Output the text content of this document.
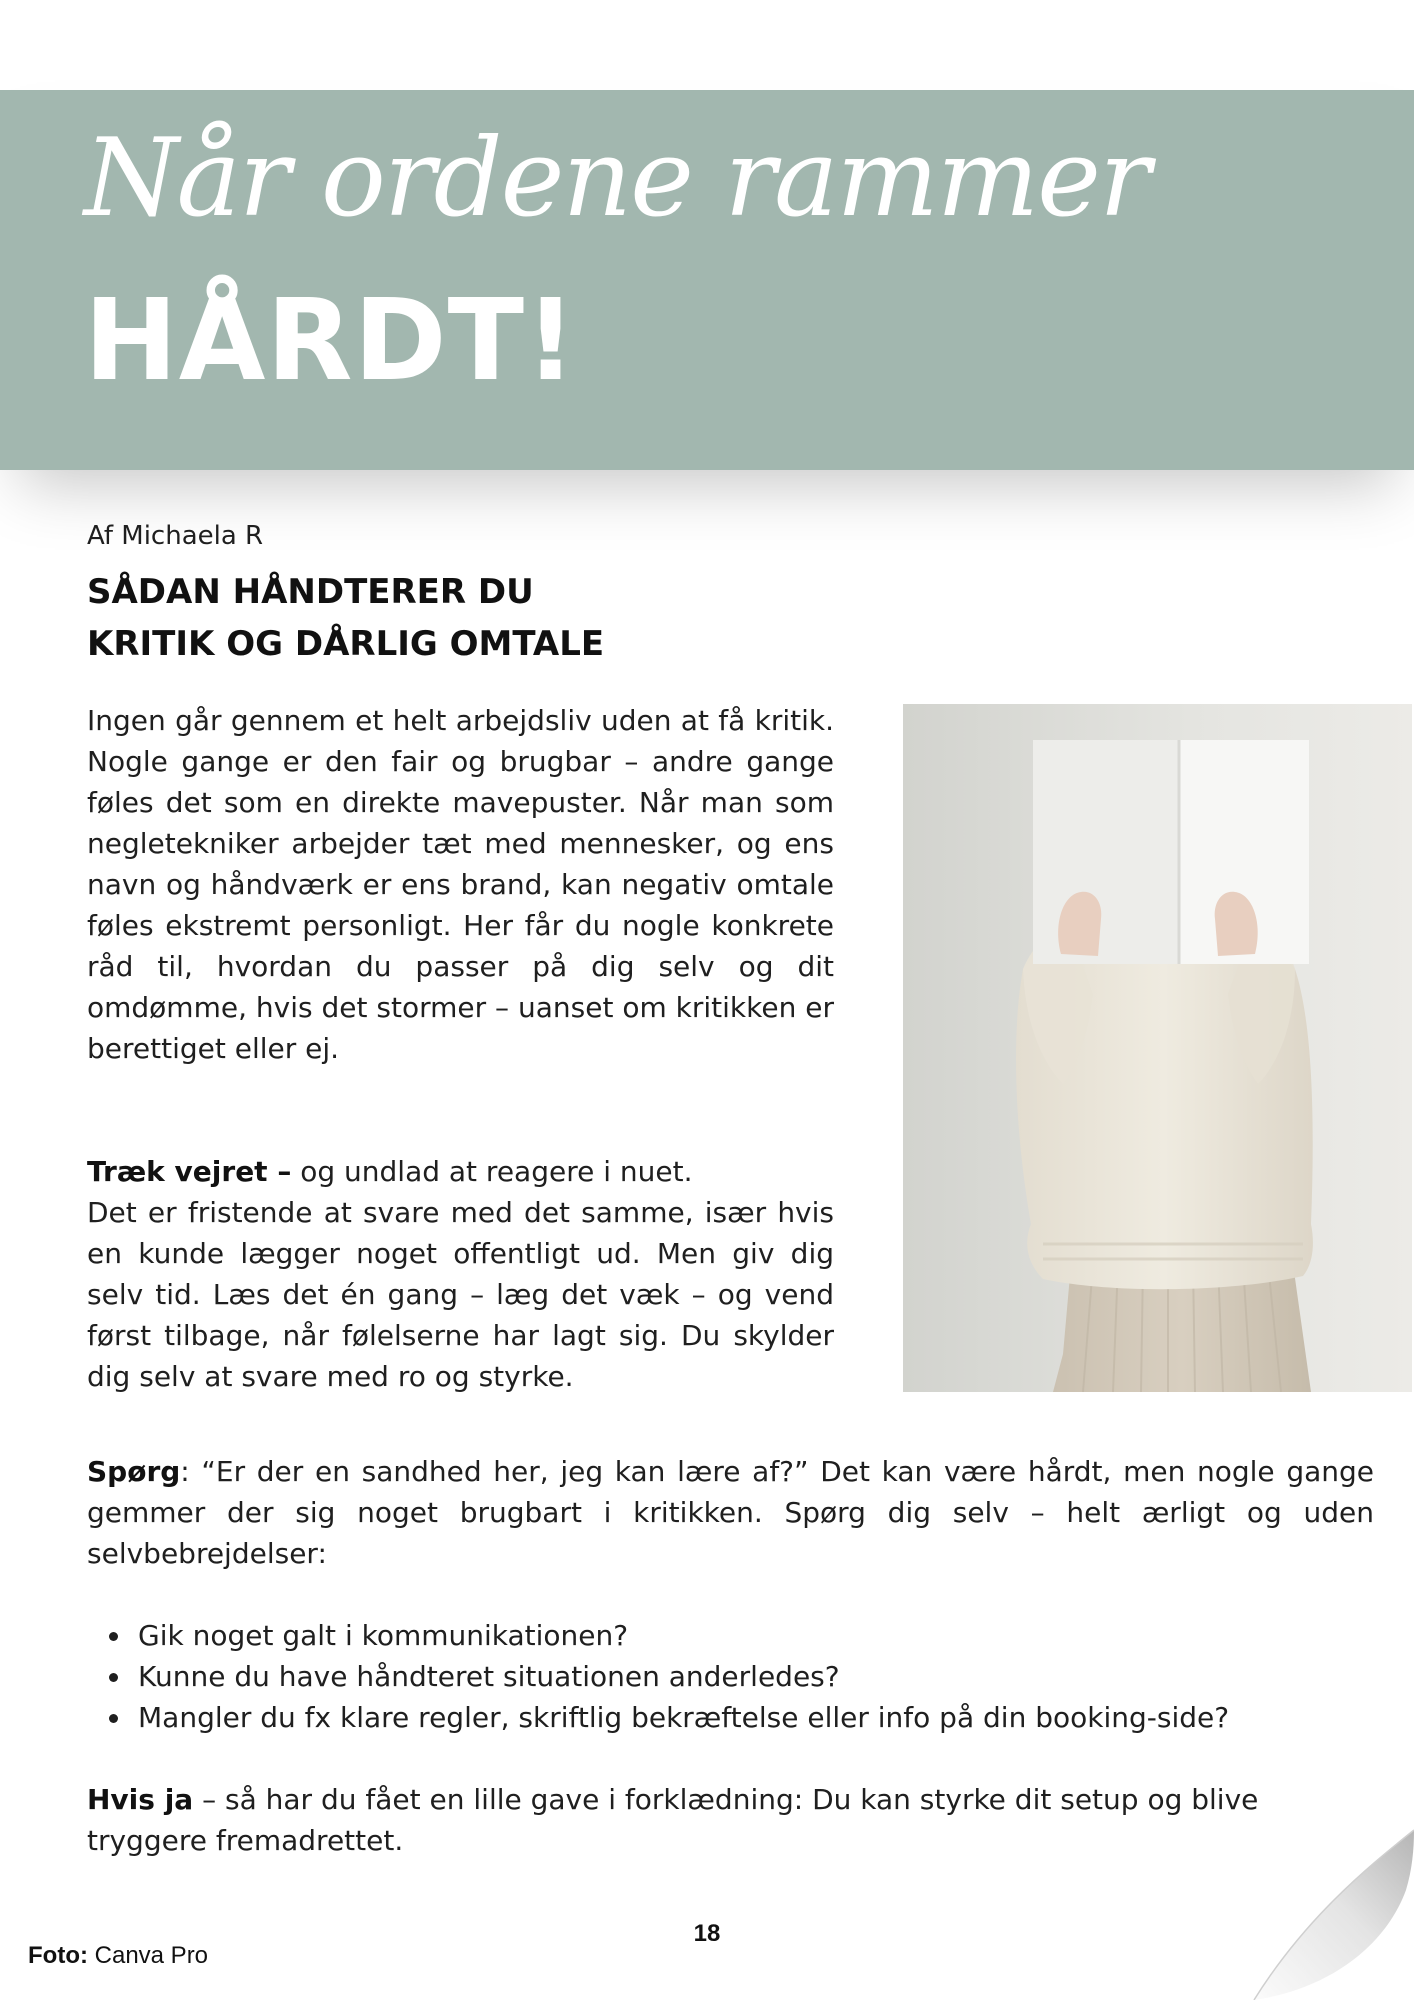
Når ordene rammer
HÅRDT!
Af Michaela R
SÅDAN HÅNDTERER DU
KRITIK OG DÅRLIG OMTALE
Ingen går gennem et helt arbejdsliv uden at få kritik. Nogle gange er den fair og brugbar – andre gange føles det som en direkte mavepuster. Når man som negletekniker arbejder tæt med mennesker, og ens navn og håndværk er ens brand, kan negativ omtale føles ekstremt personligt. Her får du nogle konkrete råd til, hvordan du passer på dig selv og dit omdømme, hvis det stormer – uanset om kritikken er berettiget eller ej.
Træk vejret – og undlad at reagere i nuet.
Det er fristende at svare med det samme, især hvis en kunde lægger noget offentligt ud. Men giv dig selv tid. Læs det én gang – læg det væk – og vend først tilbage, når følelserne har lagt sig. Du skylder dig selv at svare med ro og styrke.
Spørg: “Er der en sandhed her, jeg kan lære af?” Det kan være hårdt, men nogle gange gemmer der sig noget brugbart i kritikken. Spørg dig selv – helt ærligt og uden selvbebrejdelser:
Gik noget galt i kommunikationen?
Kunne du have håndteret situationen anderledes?
Mangler du fx klare regler, skriftlig bekræftelse eller info på din booking-side?
Hvis ja – så har du fået en lille gave i forklædning: Du kan styrke dit setup og blive tryggere fremadrettet.
18
Foto: Canva Pro
